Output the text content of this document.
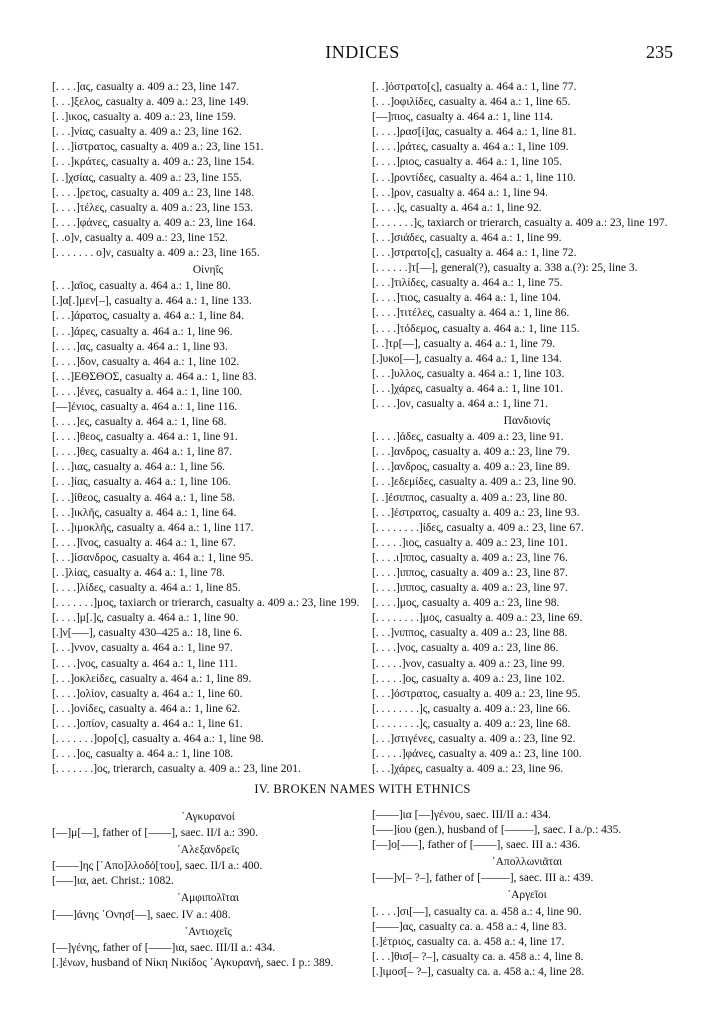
INDICES	235
[. . . .]ας, casualty a. 409 a.: 23, line 147.
[. . .]ξελος, casualty a. 409 a.: 23, line 149.
[. .]ικος, casualty a. 409 a.: 23, line 159.
[. . .]νίας, casualty a. 409 a.: 23, line 162.
[. . .]ίστρατος, casualty a. 409 a.: 23, line 151.
[. . .]κράτες, casualty a. 409 a.: 23, line 154.
[. .]χσίας, casualty a. 409 a.: 23, line 155.
[. . . .]ρετος, casualty a. 409 a.: 23, line 148.
[. . . .]τέλες, casualty a. 409 a.: 23, line 153.
[. . . .]φάνες, casualty a. 409 a.: 23, line 164.
[. .o]ν, casualty a. 409 a.: 23, line 152.
[. . . . . . . o]ν, casualty a. 409 a.: 23, line 165.
Οἰνηΐς
[. . .]αῖος, casualty a. 464 a.: 1, line 80.
[.]α[.]μεν[–], casualty a. 464 a.: 1, line 133.
[. . .]άρατος, casualty a. 464 a.: 1, line 84.
[. . .]άρες, casualty a. 464 a.: 1, line 96.
[. . . .]ας, casualty a. 464 a.: 1, line 93.
[. . . .]δον, casualty a. 464 a.: 1, line 102.
[. . .]ΕΘΣΘΟΣ, casualty a. 464 a.: 1, line 83.
[. . . .]ένες, casualty a. 464 a.: 1, line 100.
[––]ένιος, casualty a. 464 a.: 1, line 116.
[. . . .]ες, casualty a. 464 a.: 1, line 68.
[. . . .]θεος, casualty a. 464 a.: 1, line 91.
[. . . .]θες, casualty a. 464 a.: 1, line 87.
[. . .]ιας, casualty a. 464 a.: 1, line 56.
[. . .]ίας, casualty a. 464 a.: 1, line 106.
[. . .]ίθεος, casualty a. 464 a.: 1, line 58.
[. . .]ικλῆς, casualty a. 464 a.: 1, line 64.
[. . .]ιμοκλῆς, casualty a. 464 a.: 1, line 117.
[. . . .]ῖνος, casualty a. 464 a.: 1, line 67.
[. . .]ίσανδρος, casualty a. 464 a.: 1, line 95.
[. .]λίας, casualty a. 464 a.: 1, line 78.
[. . . .]λίδες, casualty a. 464 a.: 1, line 85.
[. . . . . . .]μος, taxiarch or trierarch, casualty a. 409 a.: 23, line 199.
[. . . .]μ[.]ς, casualty a. 464 a.: 1, line 90.
[.]ν[–––], casualty 430–425 a.: 18, line 6.
[. . .]ννον, casualty a. 464 a.: 1, line 97.
[. . . .]νος, casualty a. 464 a.: 1, line 111.
[. . .]οκλείδες, casualty a. 464 a.: 1, line 89.
[. . . .]ολίον, casualty a. 464 a.: 1, line 60.
[. . .]ονίδες, casualty a. 464 a.: 1, line 62.
[. . . .]οπίον, casualty a. 464 a.: 1, line 61.
[. . . . . . .]ορο[ς], casualty a. 464 a.: 1, line 98.
[. . . .]ος, casualty a. 464 a.: 1, line 108.
[. . . . . . .]ος, trierarch, casualty a. 409 a.: 23, line 201.
[. .]όστρατο[ς], casualty a. 464 a.: 1, line 77.
[. . .]οφιλίδες, casualty a. 464 a.: 1, line 65.
[––]πιος, casualty a. 464 a.: 1, line 114.
[. . . .]ρασ[ί]ας, casualty a. 464 a.: 1, line 81.
[. . . .]ράτες, casualty a. 464 a.: 1, line 109.
[. . . .]ριος, casualty a. 464 a.: 1, line 105.
[. . .]ροντίδες, casualty a. 464 a.: 1, line 110.
[. . .]ρον, casualty a. 464 a.: 1, line 94.
[. . . .]ς, casualty a. 464 a.: 1, line 92.
[. . . . . . .]ς, taxiarch or trierarch, casualty a. 409 a.: 23, line 197.
[. . .]σιάδες, casualty a. 464 a.: 1, line 99.
[. . .]στρατο[ς], casualty a. 464 a.: 1, line 72.
[. . . . . .]τ[––], general(?), casualty a. 338 a.(?): 25, line 3.
[. . .]τιλίδες, casualty a. 464 a.: 1, line 75.
[. . . .]τιος, casualty a. 464 a.: 1, line 104.
[. . . .]τιτέλες, casualty a. 464 a.: 1, line 86.
[. . . .]τόδεμος, casualty a. 464 a.: 1, line 115.
[. .]τρ[––], casualty a. 464 a.: 1, line 79.
[.]υκο[––], casualty a. 464 a.: 1, line 134.
[. . .]υλλος, casualty a. 464 a.: 1, line 103.
[. . .]χάρες, casualty a. 464 a.: 1, line 101.
[. . . .]ον, casualty a. 464 a.: 1, line 71.
Πανδιονίς
[. . . .]άδες, casualty a. 409 a.: 23, line 91.
[. . .]ανδρος, casualty a. 409 a.: 23, line 79.
[. . .]ανδρος, casualty a. 409 a.: 23, line 89.
[. . .]εδεμίδες, casualty a. 409 a.: 23, line 90.
[. .]έσιππος, casualty a. 409 a.: 23, line 80.
[. . .]έστρατος, casualty a. 409 a.: 23, line 93.
[. . . . . . . .]ίδες, casualty a. 409 a.: 23, line 67.
[. . . . .]ιος, casualty a. 409 a.: 23, line 101.
[. . . .ι]ππος, casualty a. 409 a.: 23, line 76.
[. . . .]ιππος, casualty a. 409 a.: 23, line 87.
[. . . .]ιππος, casualty a. 409 a.: 23, line 97.
[. . . .]μος, casualty a. 409 a.: 23, line 98.
[. . . . . . . .]μος, casualty a. 409 a.: 23, line 69.
[. . .]νιππος, casualty a. 409 a.: 23, line 88.
[. . . .]νος, casualty a. 409 a.: 23, line 86.
[. . . . .]νον, casualty a. 409 a.: 23, line 99.
[. . . . .]ος, casualty a. 409 a.: 23, line 102.
[. . .]όστρατος, casualty a. 409 a.: 23, line 95.
[. . . . . . . .]ς, casualty a. 409 a.: 23, line 66.
[. . . . . . . .]ς, casualty a. 409 a.: 23, line 68.
[. . .]στιγένες, casualty a. 409 a.: 23, line 92.
[. . . . .]φάνες, casualty a. 409 a.: 23, line 100.
[. . .]χάρες, casualty a. 409 a.: 23, line 96.
IV. BROKEN NAMES WITH ETHNICS
᾿Αγκυρανοί
[––]μ[––], father of [––––], saec. II/I a.: 390.
᾿Αλεξανδρεῖς
[––––]ης [᾿Απο]λλοδό[του], saec. II/I a.: 400.
[–––]ια, aet. Christ.: 1082.
᾿Αμφιπολῖται
[–––]άνης ᾿Ονησ[––], saec. IV a.: 408.
᾿Αντιοχεῖς
[––]γένης, father of [––––]ια, saec. III/II a.: 434.
[.]ένων, husband of Νίκη Νικίδος ᾿Αγκυρανή, saec. I p.: 389.
[––––]ια [––]γένου, saec. III/II a.: 434.
[–––]ίου (gen.), husband of [–––––], saec. I a./p.: 435.
[––]ο[–––], father of [––––], saec. III a.: 436.
᾿Απολλωνιᾶται
[–––]ν[– ?–], father of [–––––], saec. III a.: 439.
᾿Αργεῖοι
[. . . .]σι[––], casualty ca. a. 458 a.: 4, line 90.
[––––]ας, casualty ca. a. 458 a.: 4, line 83.
[.]έτριος, casualty ca. a. 458 a.: 4, line 17.
[. . .]θισ[– ?–], casualty ca. a. 458 a.: 4, line 8.
[.]ιμοσ[– ?–], casualty ca. a. 458 a.: 4, line 28.
